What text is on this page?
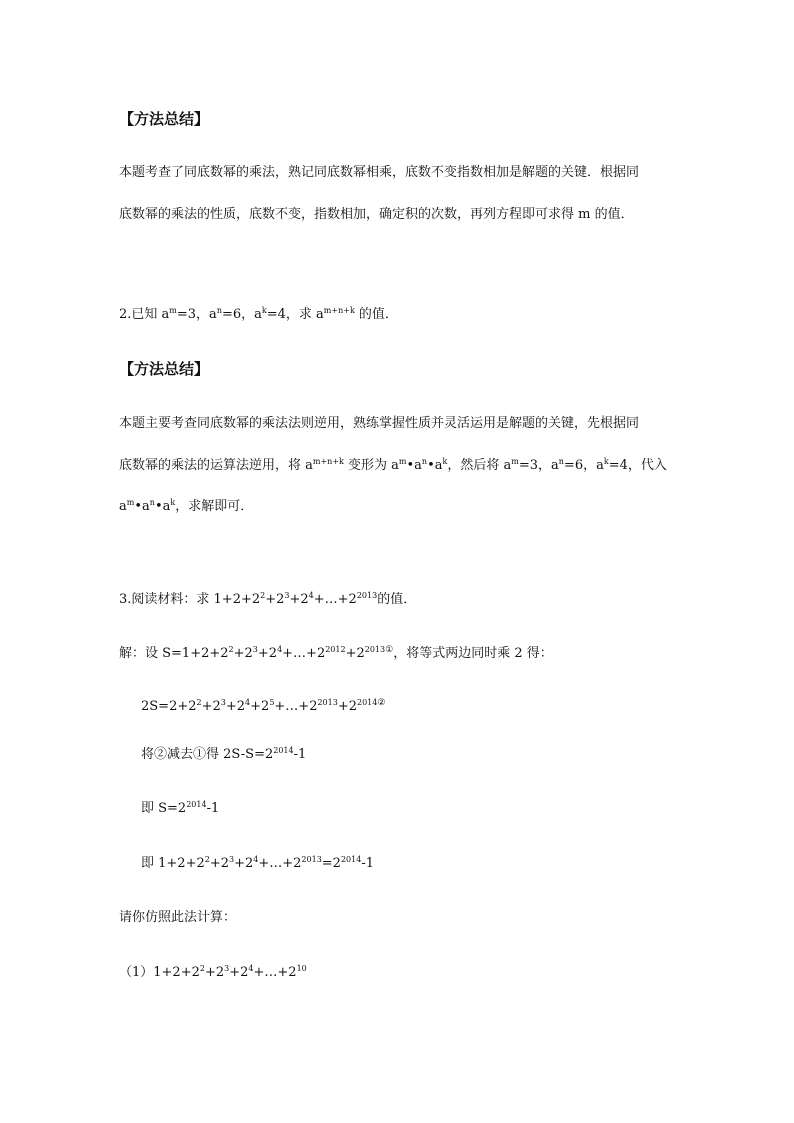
【方法总结】
本题考查了同底数幂的乘法，熟记同底数幂相乘，底数不变指数相加是解题的关键．根据同
底数幂的乘法的性质，底数不变，指数相加，确定积的次数，再列方程即可求得 m 的值．
2.已知 $a^m=3$，$a^n=6$，$a^k=4$，求 $a^{m+n+k}$ 的值．
【方法总结】
本题主要考查同底数幂的乘法法则逆用，熟练掌握性质并灵活运用是解题的关键，先根据同
底数幂的乘法的运算法逆用，将 $a^{m+n+k}$ 变形为 $a^m•a^n•a^k$，然后将 $a^m=3$，$a^n=6$，$a^k=4$，代入
$a^m•a^n•a^k$，求解即可．
3.阅读材料：求 $1+2+2^2+2^3+2^4+\dots+2^{2013}$的值．
解：设 $S=1+2+2^2+2^3+2^4+\dots+2^{2012}+2^{2013①}$，将等式两边同时乘 2 得：
$2S=2+2^2+2^3+2^4+2^5+\dots+2^{2013}+2^{2014②}$
将②减去①得 $2S-S=2^{2014}-1$
即 $S=2^{2014}-1$
即 $1+2+2^2+2^3+2^4+\dots+2^{2013}=2^{2014}-1$
请你仿照此法计算：
$(1)1+2+2^2+2^3+2^4+\dots+2^{10}$
